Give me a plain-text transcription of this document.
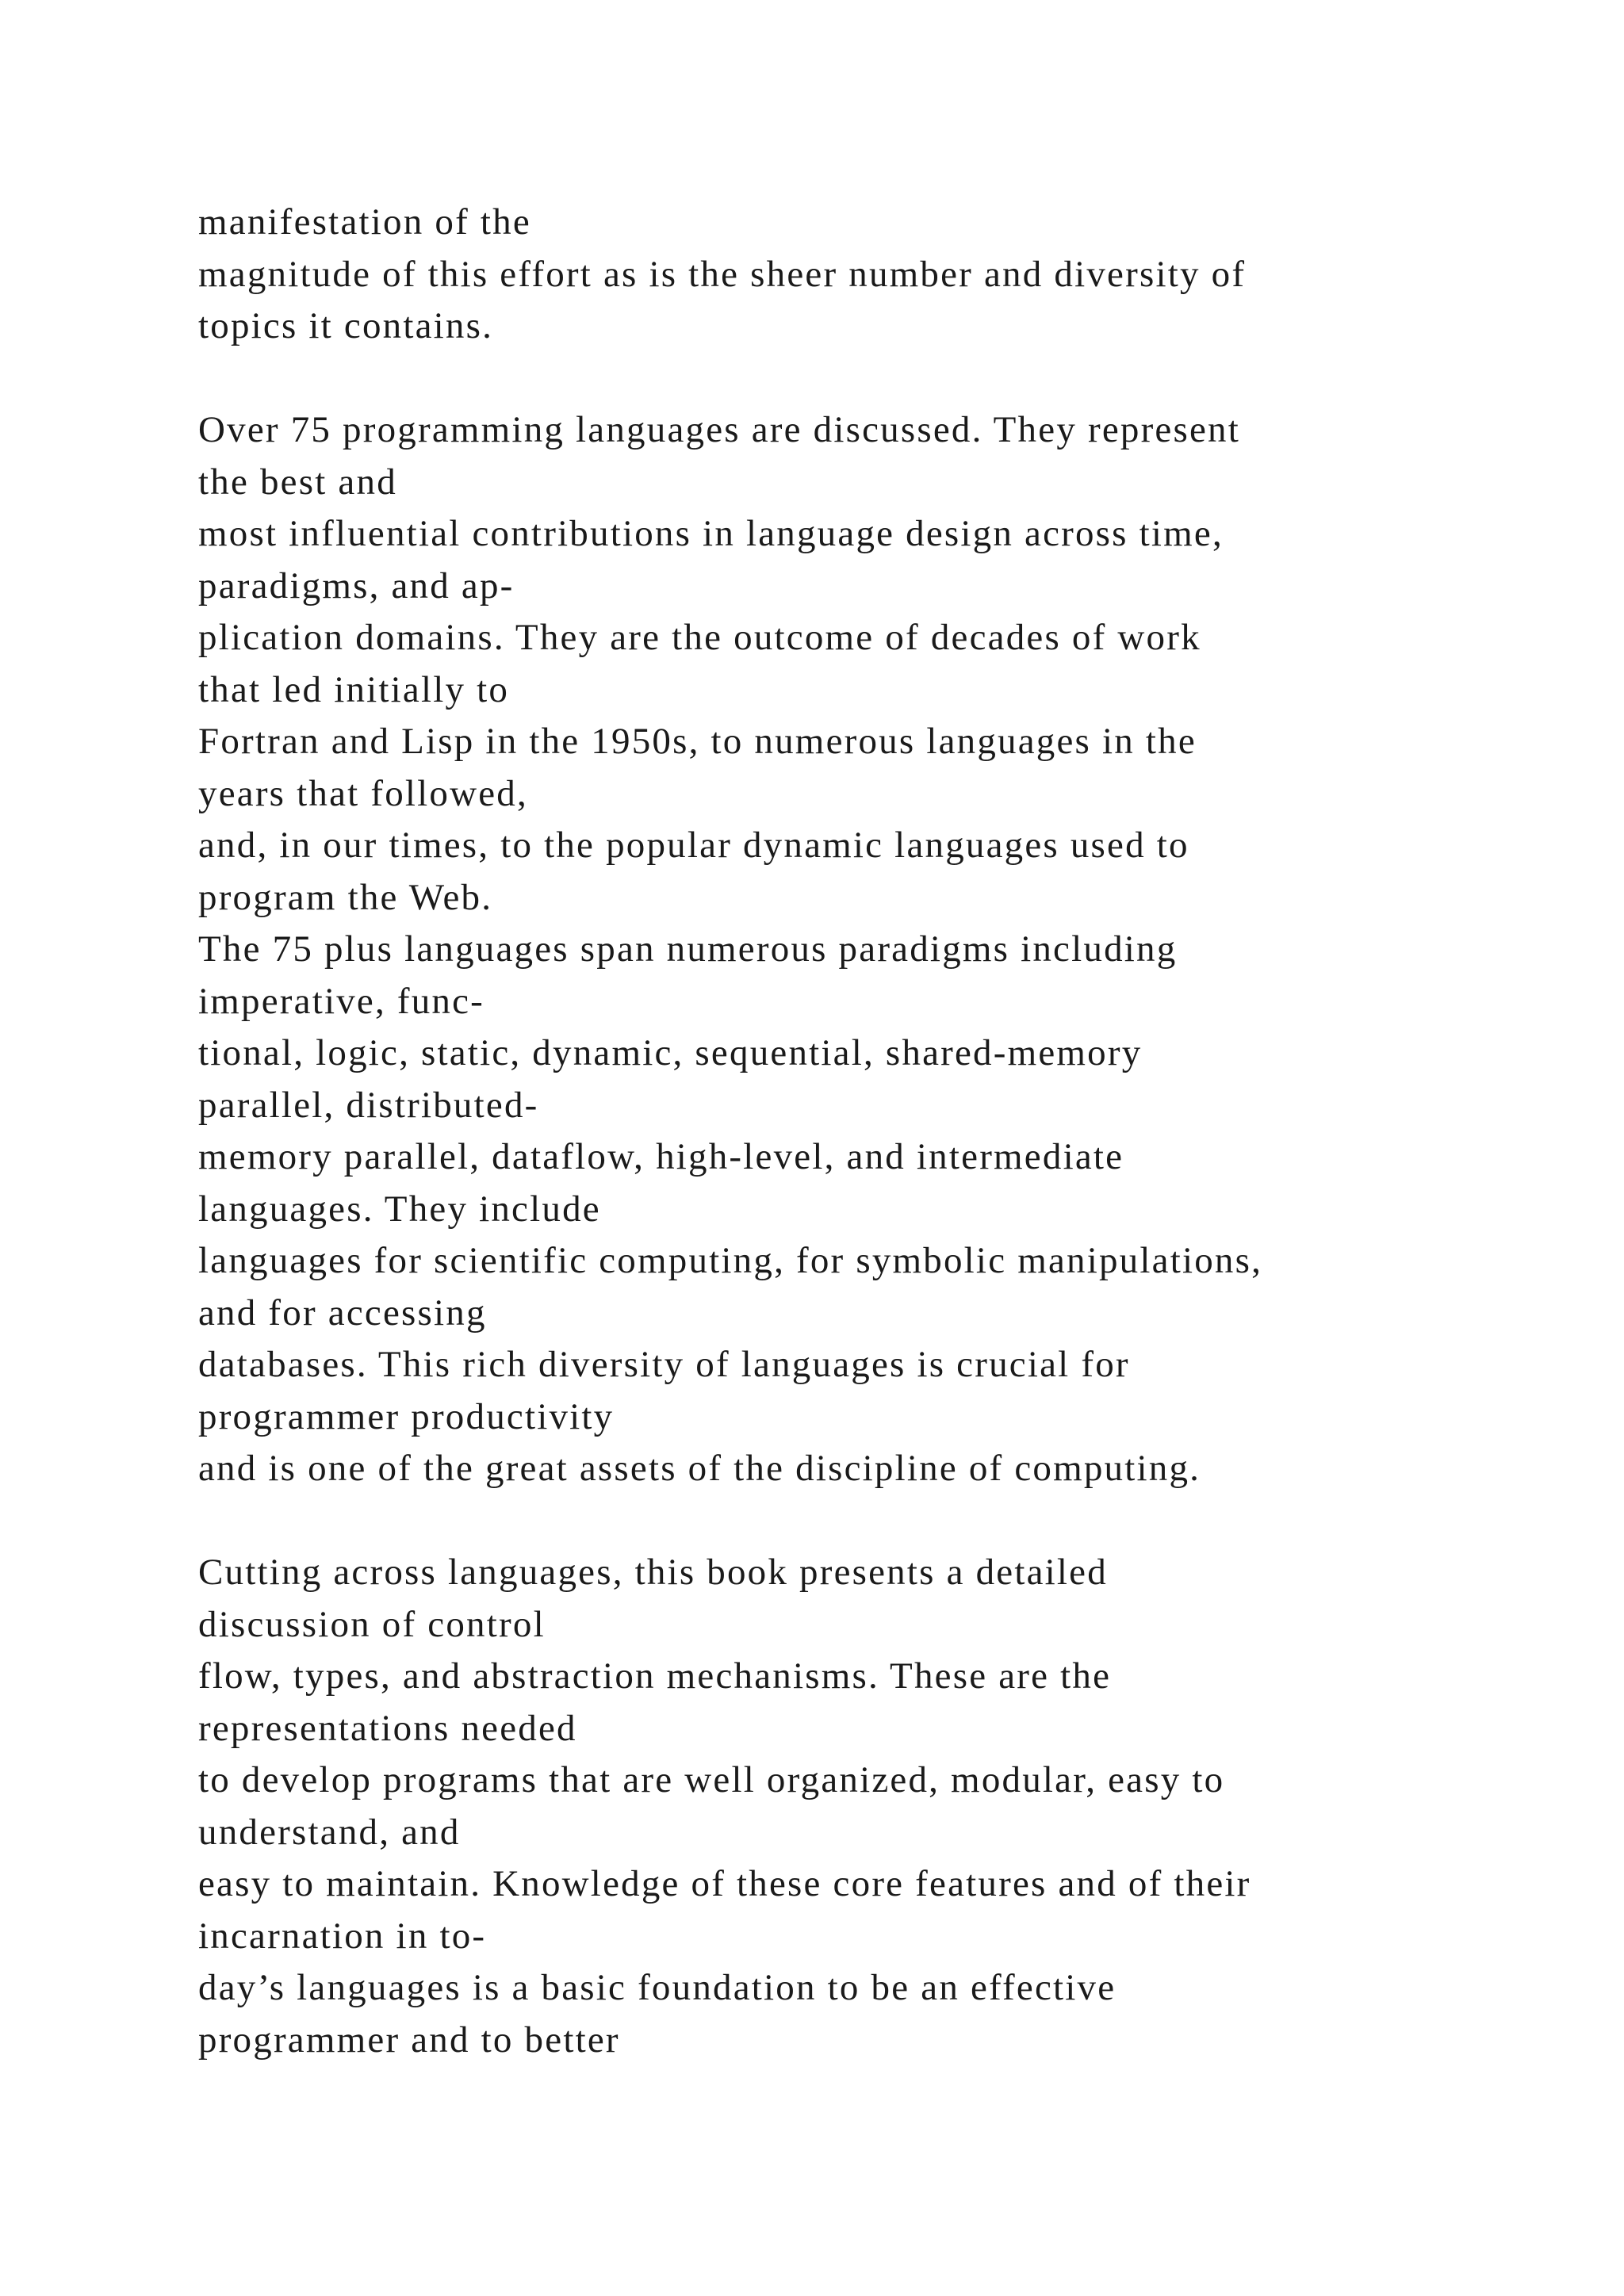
manifestation of the
magnitude of this effort as is the sheer number and diversity of
topics it contains.
Over 75 programming languages are discussed. They represent
the best and
most influential contributions in language design across time,
paradigms, and ap-
plication domains. They are the outcome of decades of work
that led initially to
Fortran and Lisp in the 1950s, to numerous languages in the
years that followed,
and, in our times, to the popular dynamic languages used to
program the Web.
The 75 plus languages span numerous paradigms including
imperative, func-
tional, logic, static, dynamic, sequential, shared-memory
parallel, distributed-
memory parallel, dataflow, high-level, and intermediate
languages. They include
languages for scientific computing, for symbolic manipulations,
and for accessing
databases. This rich diversity of languages is crucial for
programmer productivity
and is one of the great assets of the discipline of computing.
Cutting across languages, this book presents a detailed
discussion of control
flow, types, and abstraction mechanisms. These are the
representations needed
to develop programs that are well organized, modular, easy to
understand, and
easy to maintain. Knowledge of these core features and of their
incarnation in to-
day’s languages is a basic foundation to be an effective
programmer and to better
